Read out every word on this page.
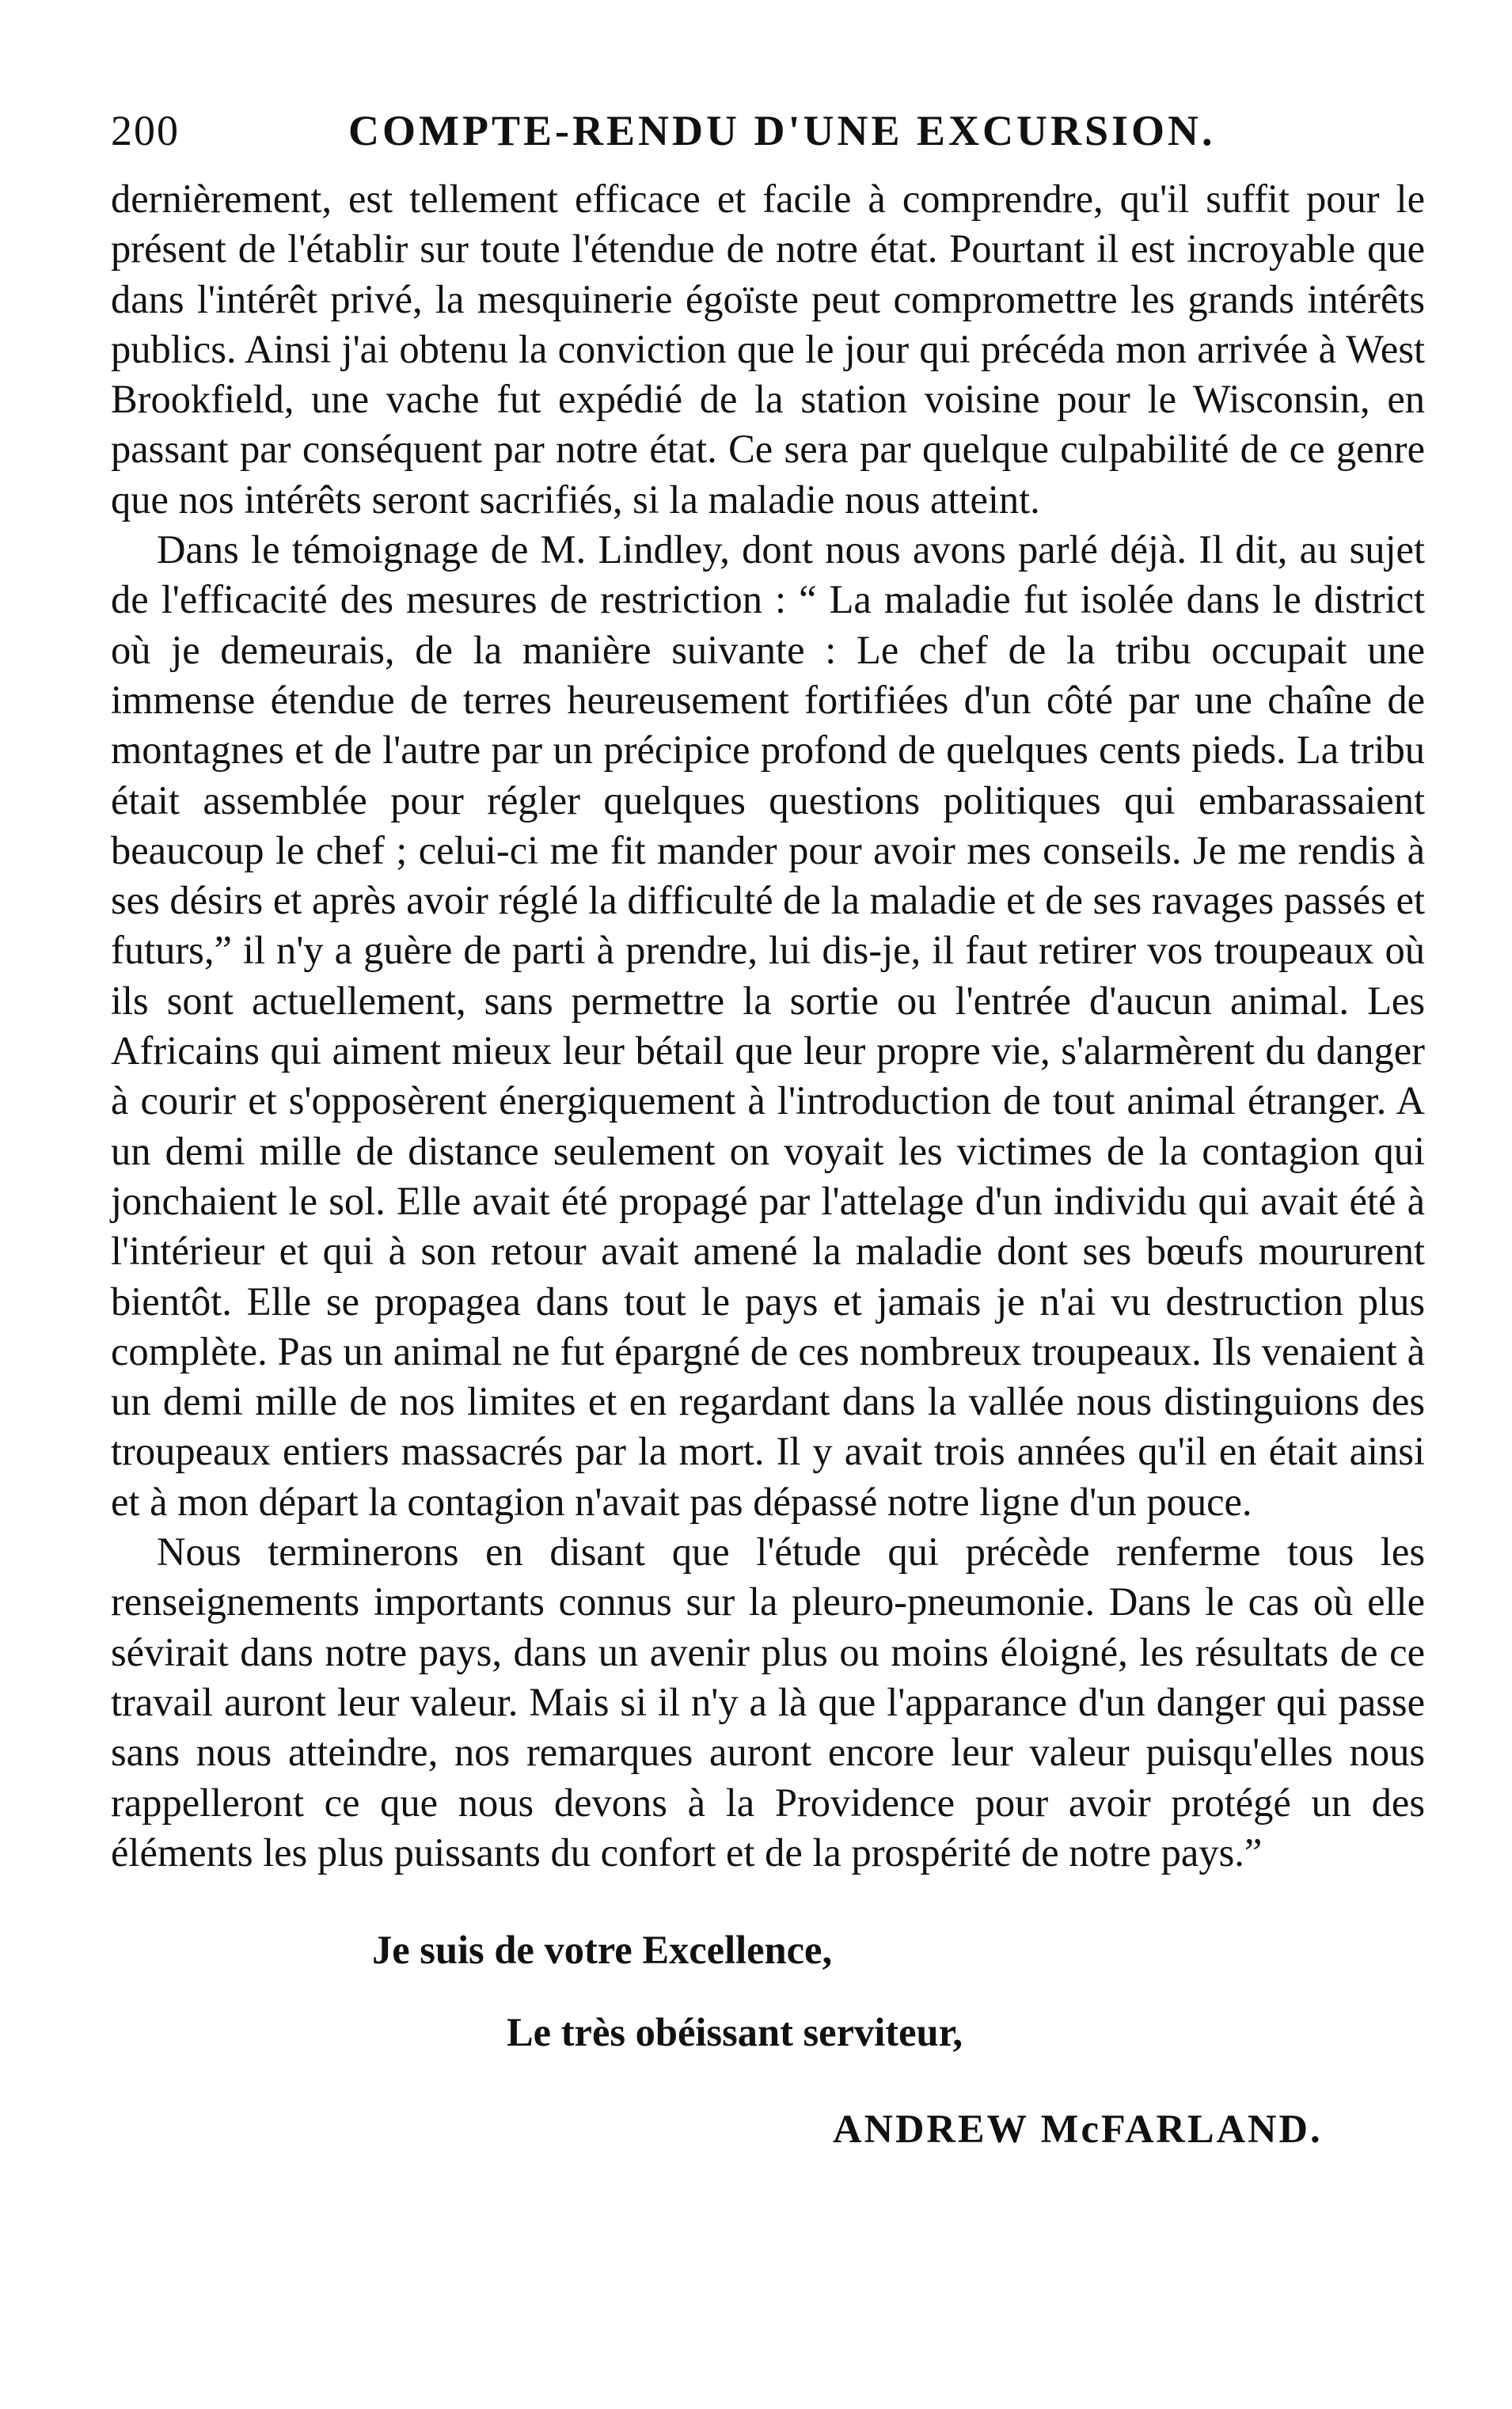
200	COMPTE-RENDU D'UNE EXCURSION.

dernièrement, est tellement efficace et facile à comprendre, qu'il suffit pour le présent de l'établir sur toute l'étendue de notre état. Pourtant il est incroyable que dans l'intérêt privé, la mesquinerie égoïste peut compromettre les grands intérêts publics. Ainsi j'ai obtenu la conviction que le jour qui précéda mon arrivée à West Brookfield, une vache fut expédié de la station voisine pour le Wisconsin, en passant par conséquent par notre état. Ce sera par quelque culpabilité de ce genre que nos intérêts seront sacrifiés, si la maladie nous atteint.

Dans le témoignage de M. Lindley, dont nous avons parlé déjà. Il dit, au sujet de l'efficacité des mesures de restriction : “ La maladie fut isolée dans le district où je demeurais, de la manière suivante : Le chef de la tribu occupait une immense étendue de terres heureusement fortifiées d'un côté par une chaîne de montagnes et de l'autre par un précipice profond de quelques cents pieds. La tribu était assemblée pour régler quelques questions politiques qui embarassaient beaucoup le chef ; celui-ci me fit mander pour avoir mes conseils. Je me rendis à ses désirs et après avoir réglé la difficulté de la maladie et de ses ravages passés et futurs,” il n'y a guère de parti à prendre, lui dis-je, il faut retirer vos troupeaux où ils sont actuellement, sans permettre la sortie ou l'entrée d'aucun animal. Les Africains qui aiment mieux leur bétail que leur propre vie, s'alarmèrent du danger à courir et s'opposèrent énergiquement à l'introduction de tout animal étranger. A un demi mille de distance seulement on voyait les victimes de la contagion qui jonchaient le sol. Elle avait été propagé par l'attelage d'un individu qui avait été à l'intérieur et qui à son retour avait amené la maladie dont ses bœufs moururent bientôt. Elle se propagea dans tout le pays et jamais je n'ai vu destruction plus complète. Pas un animal ne fut épargné de ces nombreux troupeaux. Ils venaient à un demi mille de nos limites et en regardant dans la vallée nous distinguions des troupeaux entiers massacrés par la mort. Il y avait trois années qu'il en était ainsi et à mon départ la contagion n'avait pas dépassé notre ligne d'un pouce.

Nous terminerons en disant que l'étude qui précède renferme tous les renseignements importants connus sur la pleuro-pneumonie. Dans le cas où elle sévirait dans notre pays, dans un avenir plus ou moins éloigné, les résultats de ce travail auront leur valeur. Mais si il n'y a là que l'apparance d'un danger qui passe sans nous atteindre, nos remarques auront encore leur valeur puisqu'elles nous rappelleront ce que nous devons à la Providence pour avoir protégé un des éléments les plus puissants du confort et de la prospérité de notre pays.”

Je suis de votre Excellence,
Le très obéissant serviteur,
ANDREW McFARLAND.
